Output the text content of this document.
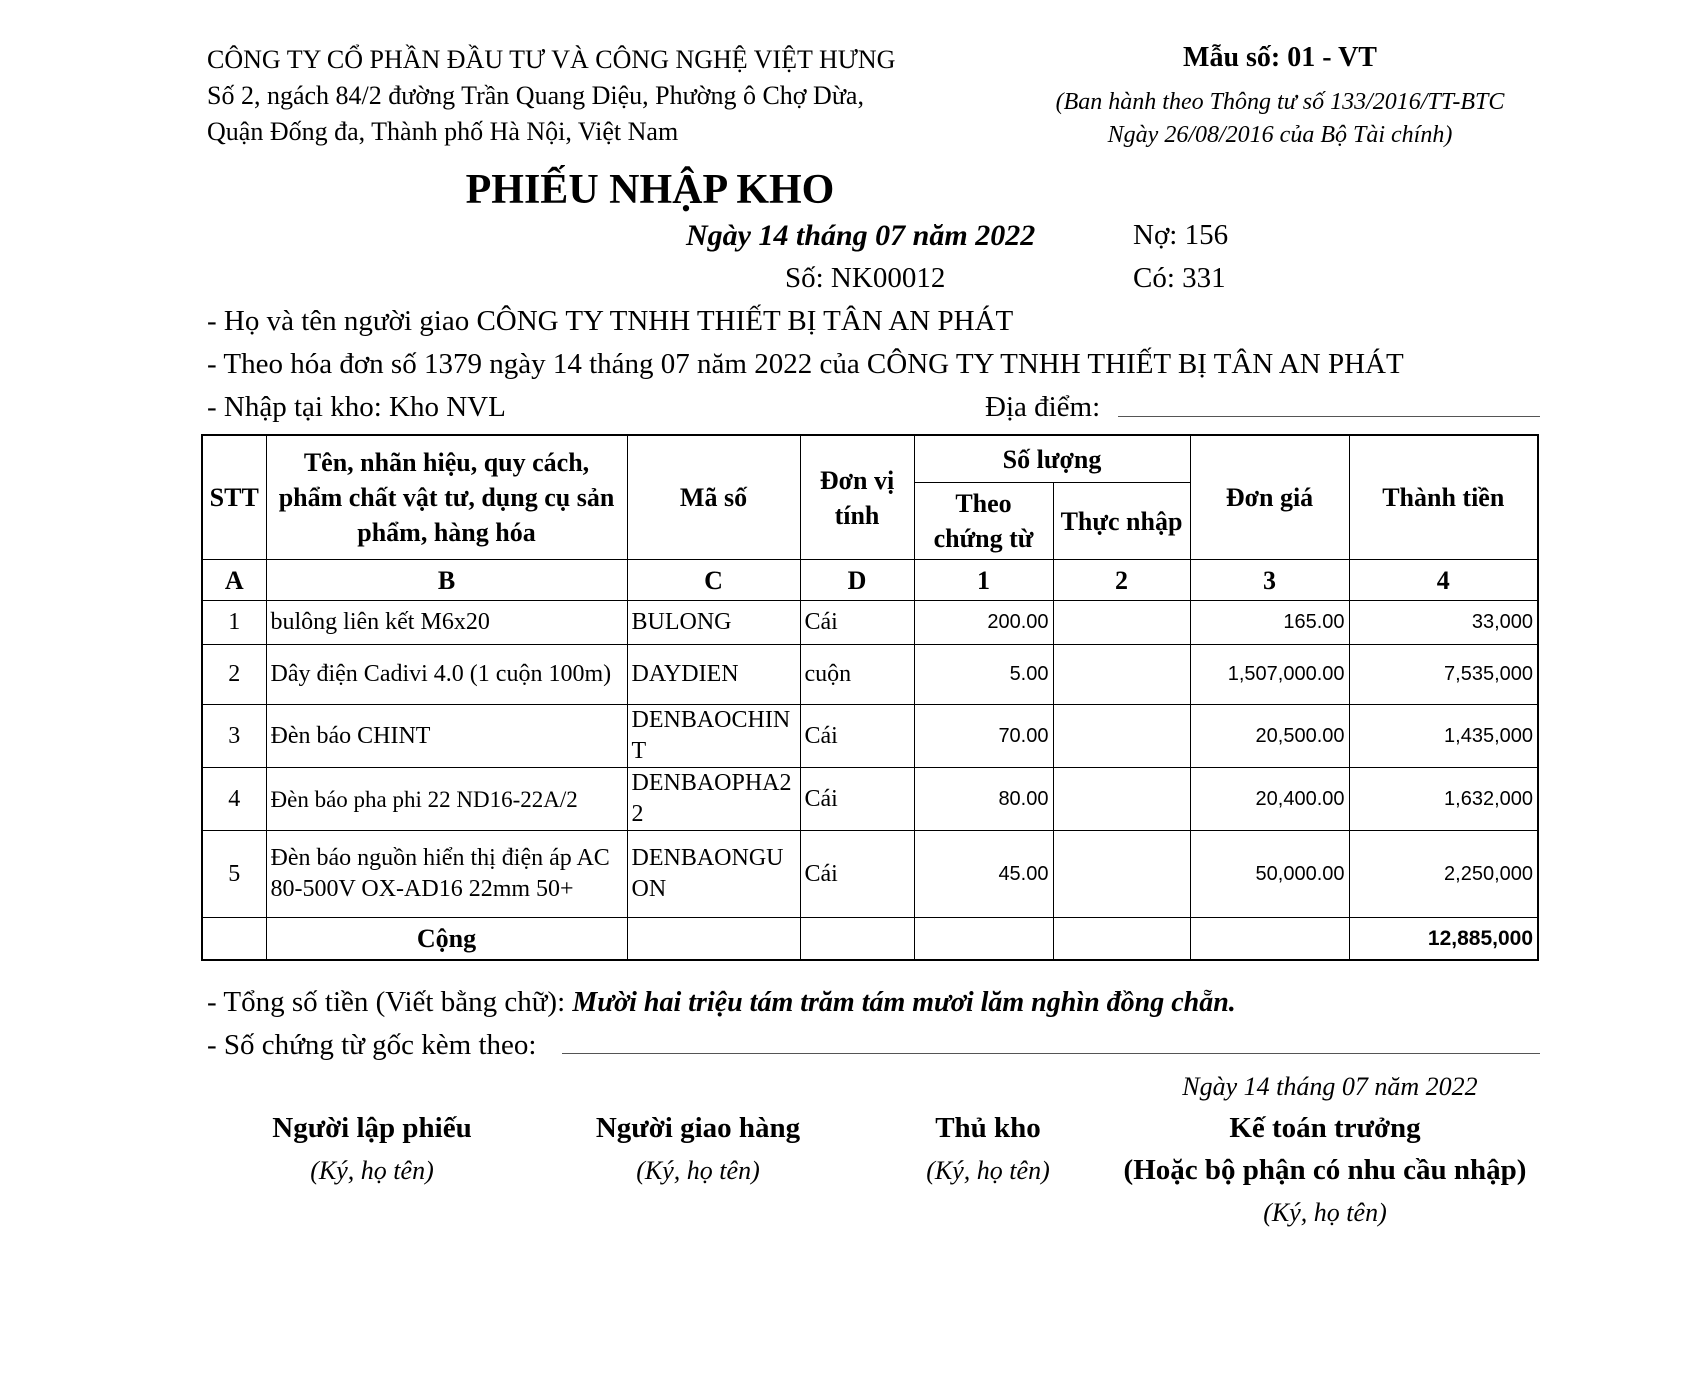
CÔNG TY CỔ PHẦN ĐẦU TƯ VÀ CÔNG NGHỆ VIỆT HƯNG
Số 2, ngách 84/2 đường Trần Quang Diệu, Phường ô Chợ Dừa,
Quận Đống đa, Thành phố Hà Nội, Việt Nam
Mẫu số: 01 - VT
(Ban hành theo Thông tư số 133/2016/TT-BTC
Ngày 26/08/2016 của Bộ Tài chính)
PHIẾU NHẬP KHO
Ngày 14 tháng 07 năm 2022
Số: NK00012
Nợ: 156
Có: 331
- Họ và tên người giao CÔNG TY TNHH THIẾT BỊ TÂN AN PHÁT
- Theo hóa đơn số 1379 ngày 14 tháng 07 năm 2022 của CÔNG TY TNHH THIẾT BỊ TÂN AN PHÁT
- Nhập tại kho: Kho NVL	Địa điểm:
STT	Tên, nhãn hiệu, quy cách, phẩm chất vật tư, dụng cụ sản phẩm, hàng hóa	Mã số	Đơn vị tính	Số lượng		Đơn giá	Thành tiền
				Theo chứng từ	Thực nhập		
A	B	C	D	1	2	3	4
1	bulông liên kết M6x20	BULONG	Cái	200.00		165.00	33,000
2	Dây điện Cadivi 4.0 (1 cuộn 100m)	DAYDIEN	cuộn	5.00		1,507,000.00	7,535,000
3	Đèn báo CHINT	DENBAOCHINT	Cái	70.00		20,500.00	1,435,000
4	Đèn báo pha phi 22 ND16-22A/2	DENBAOPHA22	Cái	80.00		20,400.00	1,632,000
5	Đèn báo nguồn hiển thị điện áp AC 80-500V OX-AD16 22mm 50+	DENBAONGUON	Cái	45.00		50,000.00	2,250,000
	Cộng						12,885,000
- Tổng số tiền (Viết bằng chữ): Mười hai triệu tám trăm tám mươi lăm nghìn đồng chẵn.
- Số chứng từ gốc kèm theo:
Ngày 14 tháng 07 năm 2022
Người lập phiếu
(Ký, họ tên)
Người giao hàng
(Ký, họ tên)
Thủ kho
(Ký, họ tên)
Kế toán trưởng
(Hoặc bộ phận có nhu cầu nhập)
(Ký, họ tên)
